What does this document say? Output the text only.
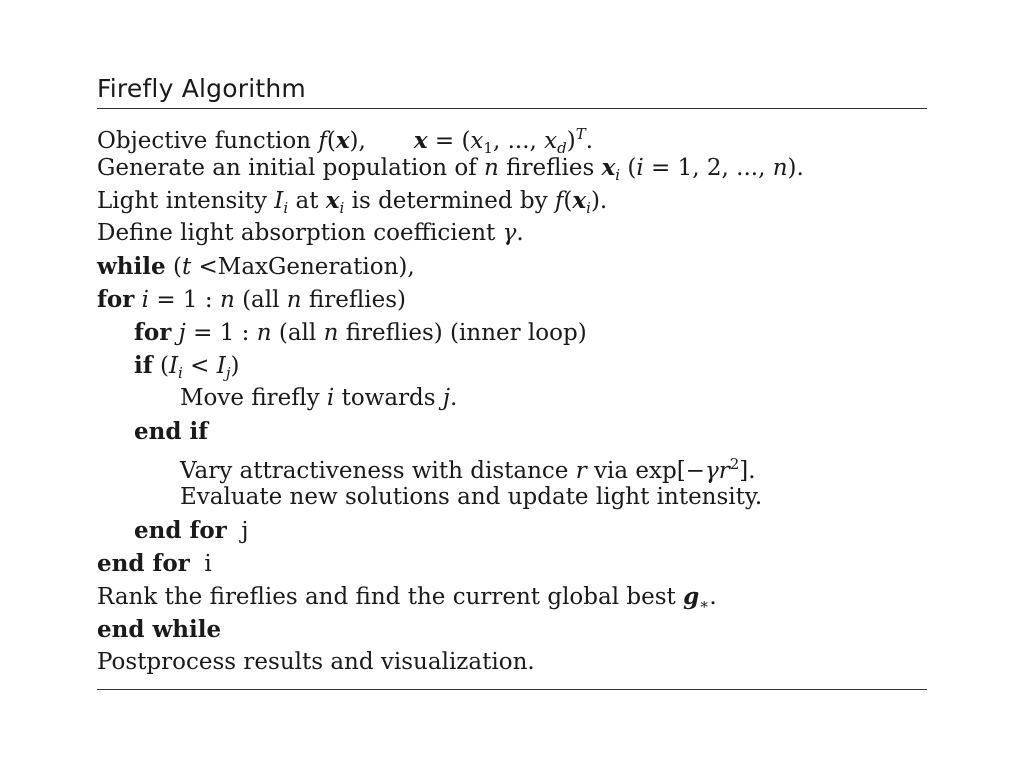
Firefly Algorithm
Objective function f(x), $x = (x_1$, ..., $x_d)^T$.
Generate an initial population of n fireflies $x_i$ (i = 1, 2, ..., n).
Light intensity $I_i$ at $x_i$ is determined by $f(x_i)$.
Define light absorption coefficient γ.
while (t <MaxGeneration),
for i = 1 : n (all n fireflies)
for j = 1 : n (all n fireflies) (inner loop)
if $(I_i < I_j)$
Move firefly i towards j.
end if
Vary attractiveness with distance r via $\exp[-\gamma r^2]$.
Evaluate new solutions and update light intensity.
end for  j
end for  i
Rank the fireflies and find the current global best $g_∗$.
end while
Postprocess results and visualization.
